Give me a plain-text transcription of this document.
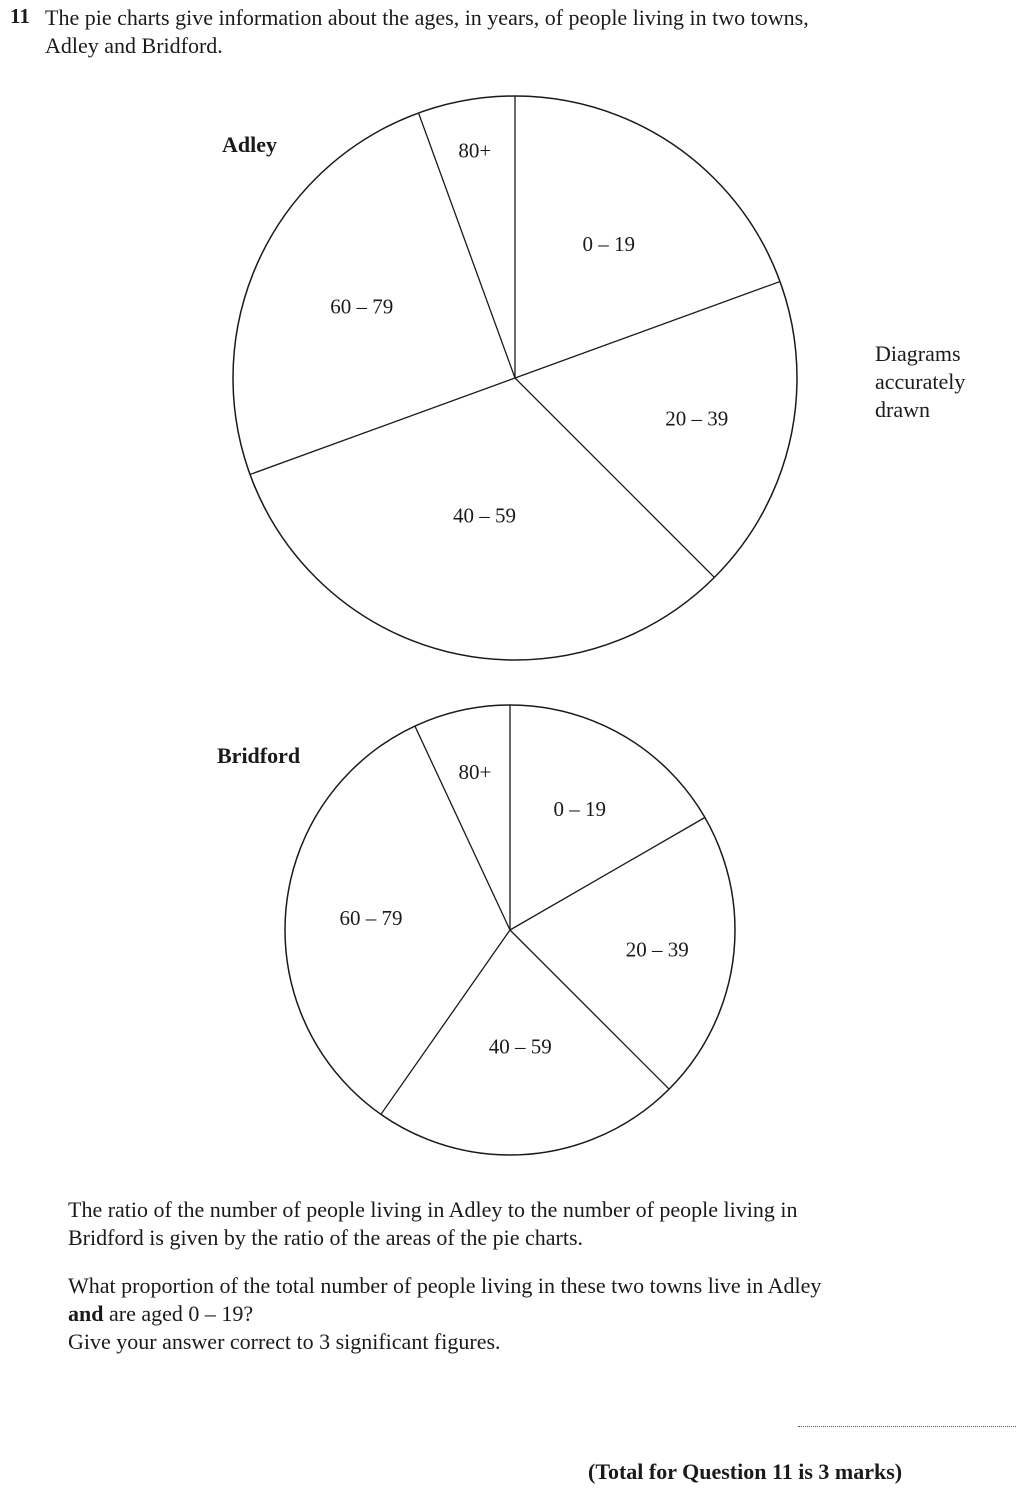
11 The pie charts give information about the ages, in years, of people living in two towns,
Adley and Bridford.
Adley
0 – 19
20 – 39
40 – 59
60 – 79
80+
Bridford
0 – 19
20 – 39
40 – 59
60 – 79
80+
Diagrams
accurately
drawn
The ratio of the number of people living in Adley to the number of people living in
Bridford is given by the ratio of the areas of the pie charts.
What proportion of the total number of people living in these two towns live in Adley
and are aged 0 – 19?
Give your answer correct to 3 significant figures.
(Total for Question 11 is 3 marks)
